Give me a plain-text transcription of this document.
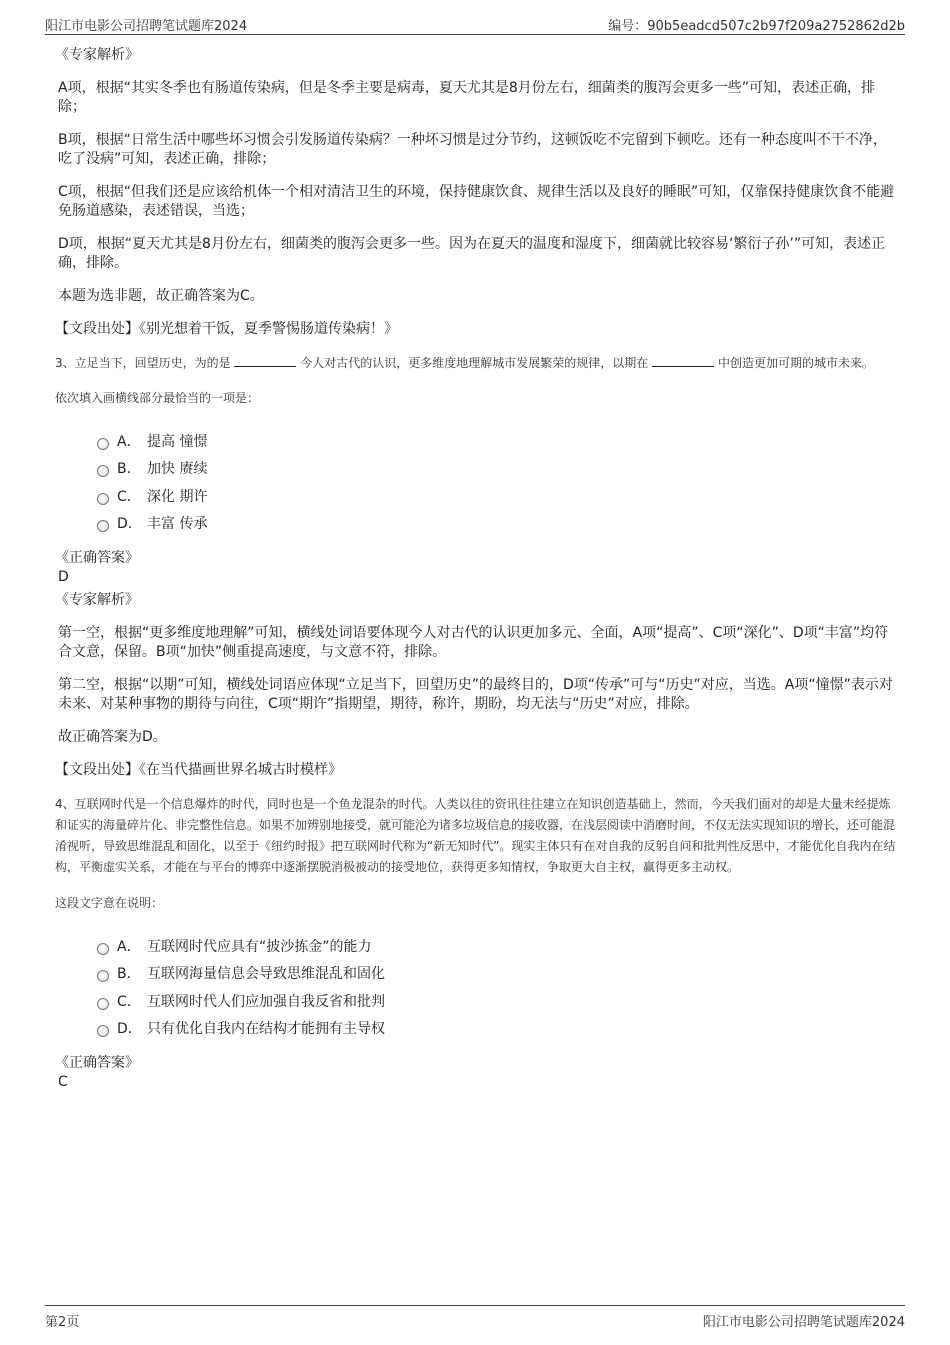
阳江市电影公司招聘笔试题库2024	编号：90b5eadcd507c2b97f209a2752862d2b
《专家解析》

A项，根据“其实冬季也有肠道传染病，但是冬季主要是病毒，夏天尤其是8月份左右，细菌类的腹泻会更多一些”可知，表述正确，排除；

B项，根据“日常生活中哪些坏习惯会引发肠道传染病？一种坏习惯是过分节约，这顿饭吃不完留到下顿吃。还有一种态度叫不干不净，吃了没病”可知，表述正确，排除；

C项，根据“但我们还是应该给机体一个相对清洁卫生的环境，保持健康饮食、规律生活以及良好的睡眠”可知，仅靠保持健康饮食不能避免肠道感染，表述错误，当选；

D项，根据“夏天尤其是8月份左右，细菌类的腹泻会更多一些。因为在夏天的温度和湿度下，细菌就比较容易‘繁衍子孙’”可知，表述正确，排除。

本题为选非题，故正确答案为C。

【文段出处】《别光想着干饭，夏季警惕肠道传染病！》

3、立足当下，回望历史，为的是	今人对古代的认识，更多维度地理解城市发展繁荣的规律，以期在	中创造更加可期的城市未来。

依次填入画横线部分最恰当的一项是：

A． 提高 憧憬
B． 加快 赓续
C． 深化 期许
D． 丰富 传承
《正确答案》
D
《专家解析》

第一空，根据“更多维度地理解”可知，横线处词语要体现今人对古代的认识更加多元、全面，A项“提高”、C项“深化”、D项“丰富”均符合文意，保留。B项“加快”侧重提高速度，与文意不符，排除。

第二空，根据“以期”可知，横线处词语应体现“立足当下，回望历史”的最终目的，D项“传承”可与“历史”对应，当选。A项“憧憬”表示对未来、对某种事物的期待与向往，C项“期许”指期望，期待，称许，期盼，均无法与“历史”对应，排除。

故正确答案为D。

【文段出处】《在当代描画世界名城古时模样》

4、互联网时代是一个信息爆炸的时代，同时也是一个鱼龙混杂的时代。人类以往的资讯往往建立在知识创造基础上，然而，今天我们面对的却是大量未经提炼和证实的海量碎片化、非完整性信息。如果不加辨别地接受，就可能沦为诸多垃圾信息的接收器，在浅层阅读中消磨时间，不仅无法实现知识的增长，还可能混淆视听，导致思维混乱和固化，以至于《纽约时报》把互联网时代称为“新无知时代”。现实主体只有在对自我的反躬自问和批判性反思中，才能优化自我内在结构，平衡虚实关系，才能在与平台的博弈中逐渐摆脱消极被动的接受地位，获得更多知情权，争取更大自主权，赢得更多主动权。

这段文字意在说明：

A． 互联网时代应具有“披沙拣金”的能力
B． 互联网海量信息会导致思维混乱和固化
C． 互联网时代人们应加强自我反省和批判
D． 只有优化自我内在结构才能拥有主导权
《正确答案》
C
第2页	阳江市电影公司招聘笔试题库2024
